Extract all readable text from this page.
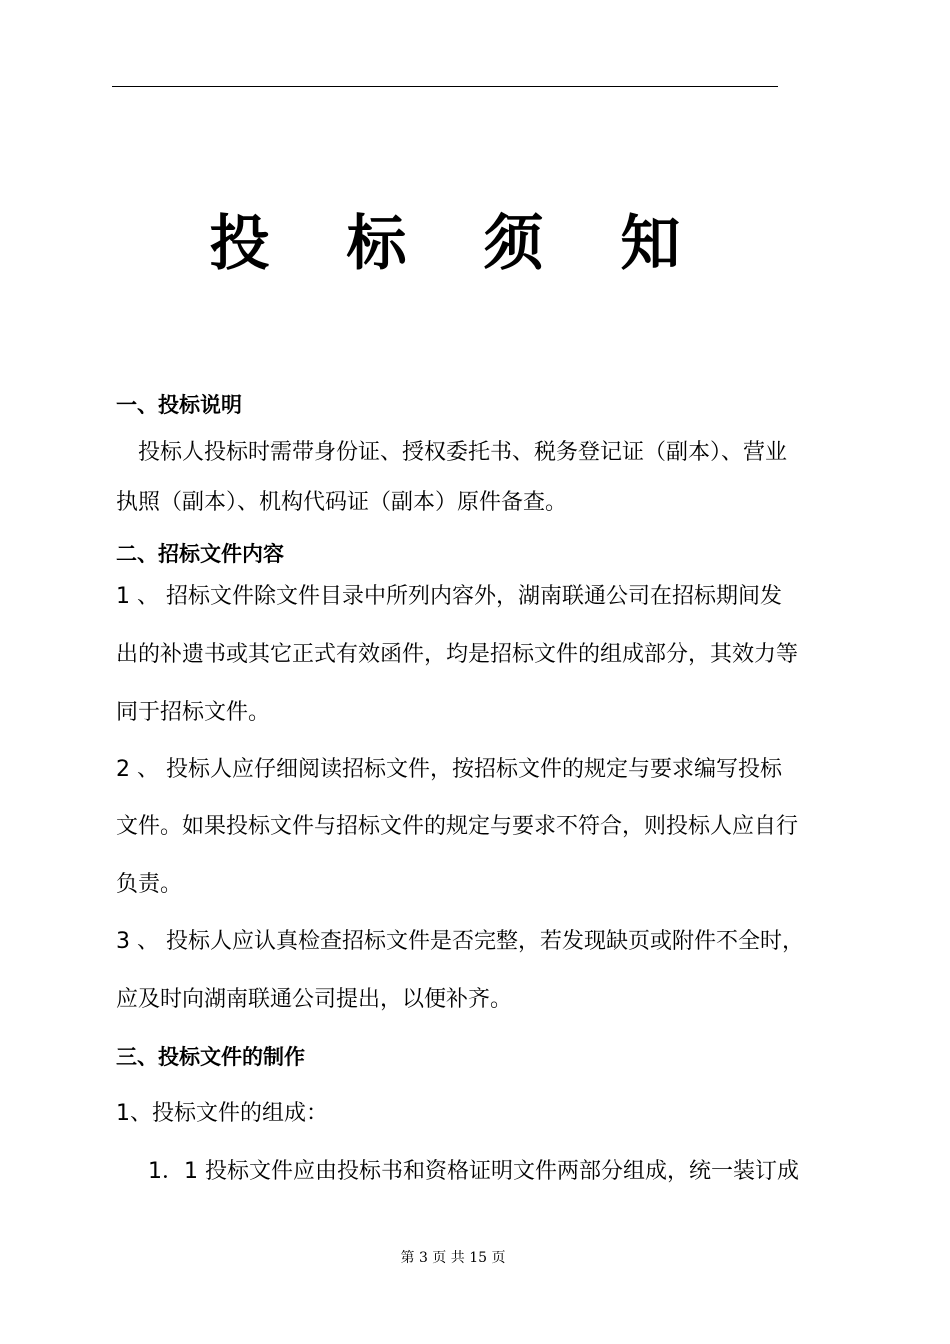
投 标 须 知
一、投标说明
投标人投标时需带身份证、授权委托书、税务登记证（副本）、营业
执照（副本）、机构代码证（副本）原件备查。
二、招标文件内容
1 、 招标文件除文件目录中所列内容外，湖南联通公司在招标期间发
出的补遗书或其它正式有效函件，均是招标文件的组成部分，其效力等
同于招标文件。
2 、 投标人应仔细阅读招标文件，按招标文件的规定与要求编写投标
文件。如果投标文件与招标文件的规定与要求不符合，则投标人应自行
负责。
3 、 投标人应认真检查招标文件是否完整，若发现缺页或附件不全时，
应及时向湖南联通公司提出，以便补齐。
三、投标文件的制作
1、投标文件的组成：
1．1 投标文件应由投标书和资格证明文件两部分组成，统一装订成
第 3 页 共 15 页
